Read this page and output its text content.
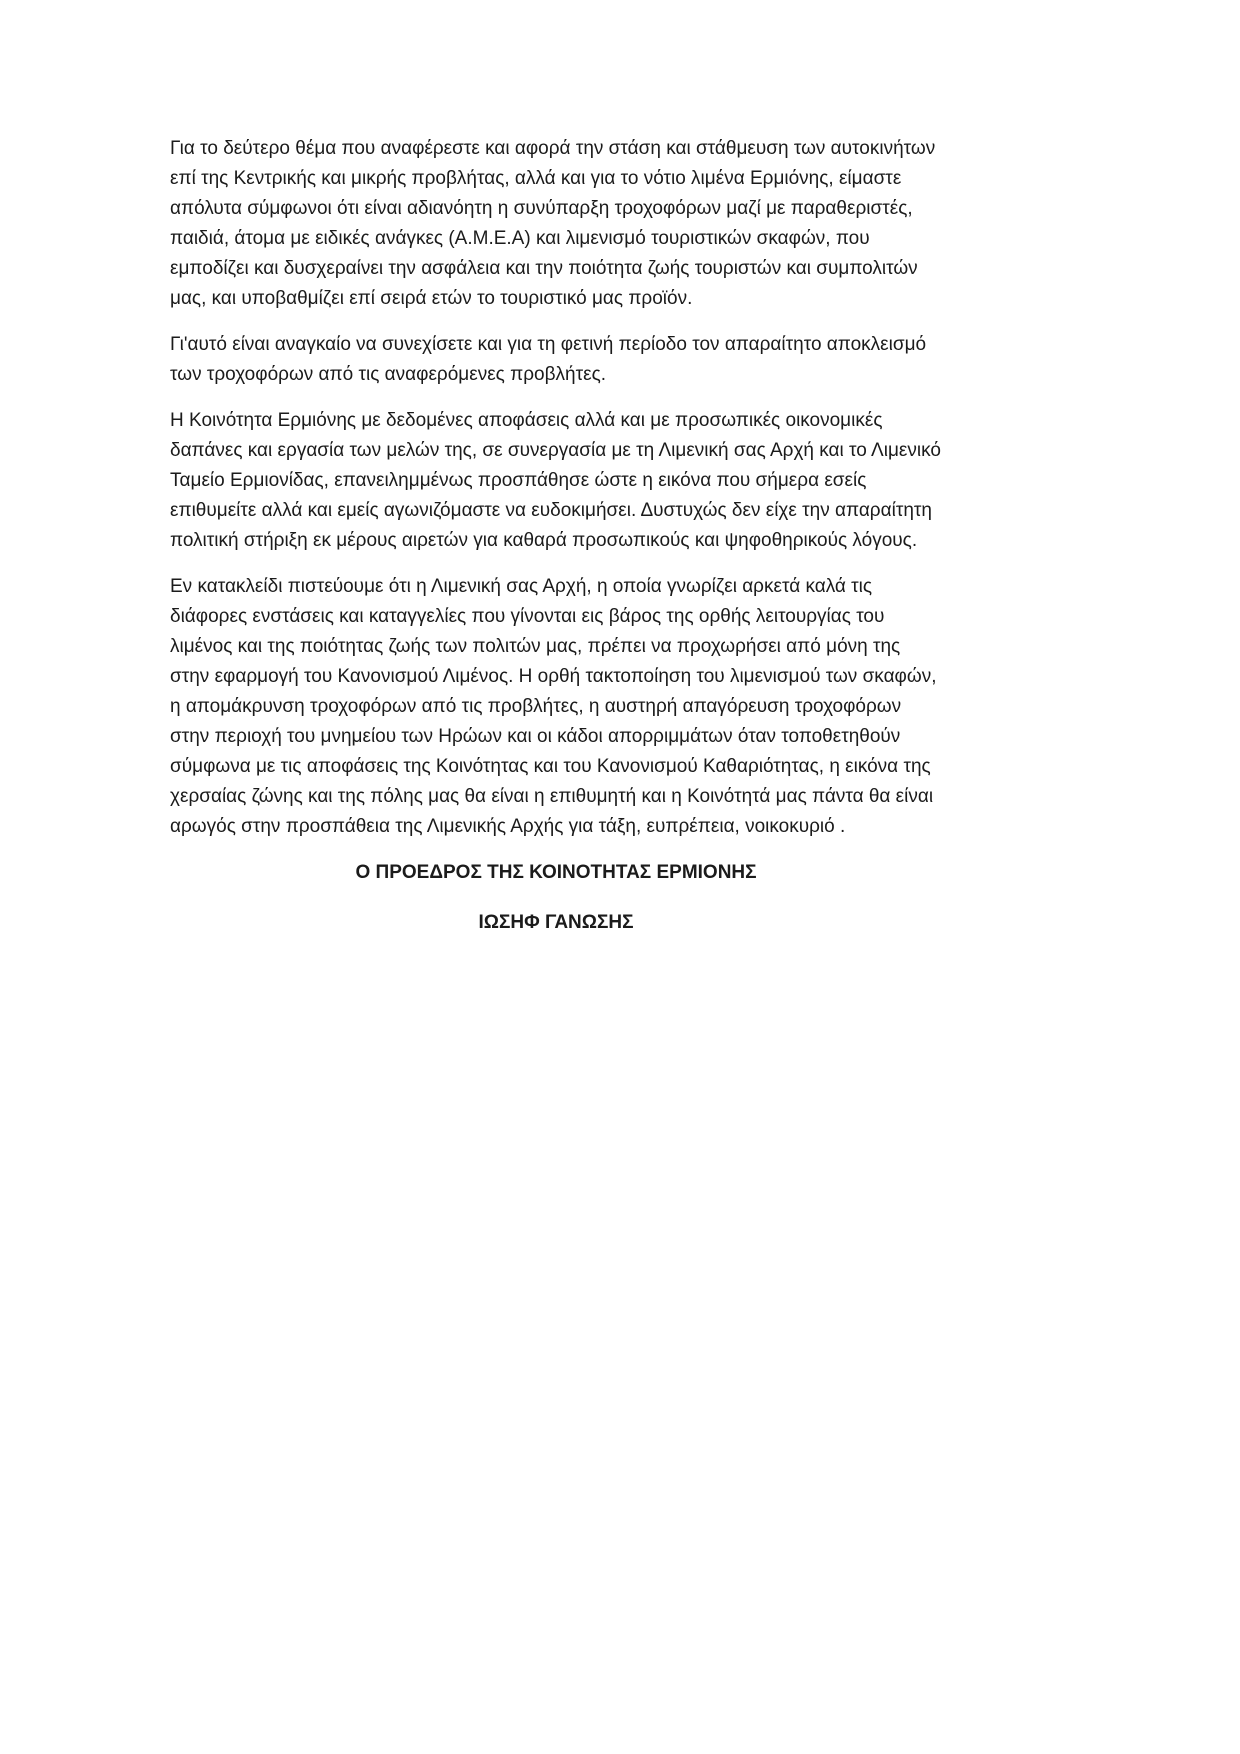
Για το δεύτερο θέμα που αναφέρεστε και αφορά την στάση και στάθμευση των αυτοκινήτων επί της Κεντρικής και μικρής προβλήτας, αλλά και για το νότιο λιμένα Ερμιόνης, είμαστε απόλυτα σύμφωνοι ότι είναι αδιανόητη η συνύπαρξη τροχοφόρων μαζί με παραθεριστές, παιδιά, άτομα με ειδικές ανάγκες (Α.Μ.Ε.Α) και λιμενισμό τουριστικών σκαφών, που εμποδίζει και δυσχεραίνει την ασφάλεια και την ποιότητα ζωής τουριστών και συμπολιτών μας, και υποβαθμίζει επί σειρά ετών το τουριστικό μας προϊόν.

Γι'αυτό είναι αναγκαίο να συνεχίσετε και για τη φετινή περίοδο τον απαραίτητο αποκλεισμό των τροχοφόρων από τις αναφερόμενες προβλήτες.

Η Κοινότητα Ερμιόνης με δεδομένες αποφάσεις αλλά και με προσωπικές οικονομικές δαπάνες και εργασία των μελών της, σε συνεργασία με τη Λιμενική σας Αρχή και το Λιμενικό Ταμείο Ερμιονίδας, επανειλημμένως προσπάθησε ώστε η εικόνα που σήμερα εσείς επιθυμείτε αλλά και εμείς αγωνιζόμαστε να ευδοκιμήσει. Δυστυχώς δεν είχε την απαραίτητη πολιτική στήριξη εκ μέρους αιρετών για καθαρά προσωπικούς και ψηφοθηρικούς λόγους.

Εν κατακλείδι πιστεύουμε ότι η Λιμενική σας Αρχή, η οποία γνωρίζει αρκετά καλά τις διάφορες ενστάσεις και καταγγελίες που γίνονται εις βάρος της ορθής λειτουργίας του λιμένος και της ποιότητας ζωής των πολιτών μας, πρέπει να προχωρήσει από μόνη της στην εφαρμογή του Κανονισμού Λιμένος. Η ορθή τακτοποίηση του λιμενισμού των σκαφών, η απομάκρυνση τροχοφόρων από τις προβλήτες, η αυστηρή απαγόρευση τροχοφόρων στην περιοχή του μνημείου των Ηρώων και οι κάδοι απορριμμάτων όταν τοποθετηθούν σύμφωνα με τις αποφάσεις της Κοινότητας και του Κανονισμού Καθαριότητας, η εικόνα της χερσαίας ζώνης και της πόλης μας θα είναι η επιθυμητή και η Κοινότητά μας πάντα θα είναι αρωγός στην προσπάθεια της Λιμενικής Αρχής για τάξη, ευπρέπεια, νοικοκυριό .

Ο ΠΡΟΕΔΡΟΣ ΤΗΣ ΚΟΙΝΟΤΗΤΑΣ ΕΡΜΙΟΝΗΣ

ΙΩΣΗΦ ΓΑΝΩΣΗΣ
